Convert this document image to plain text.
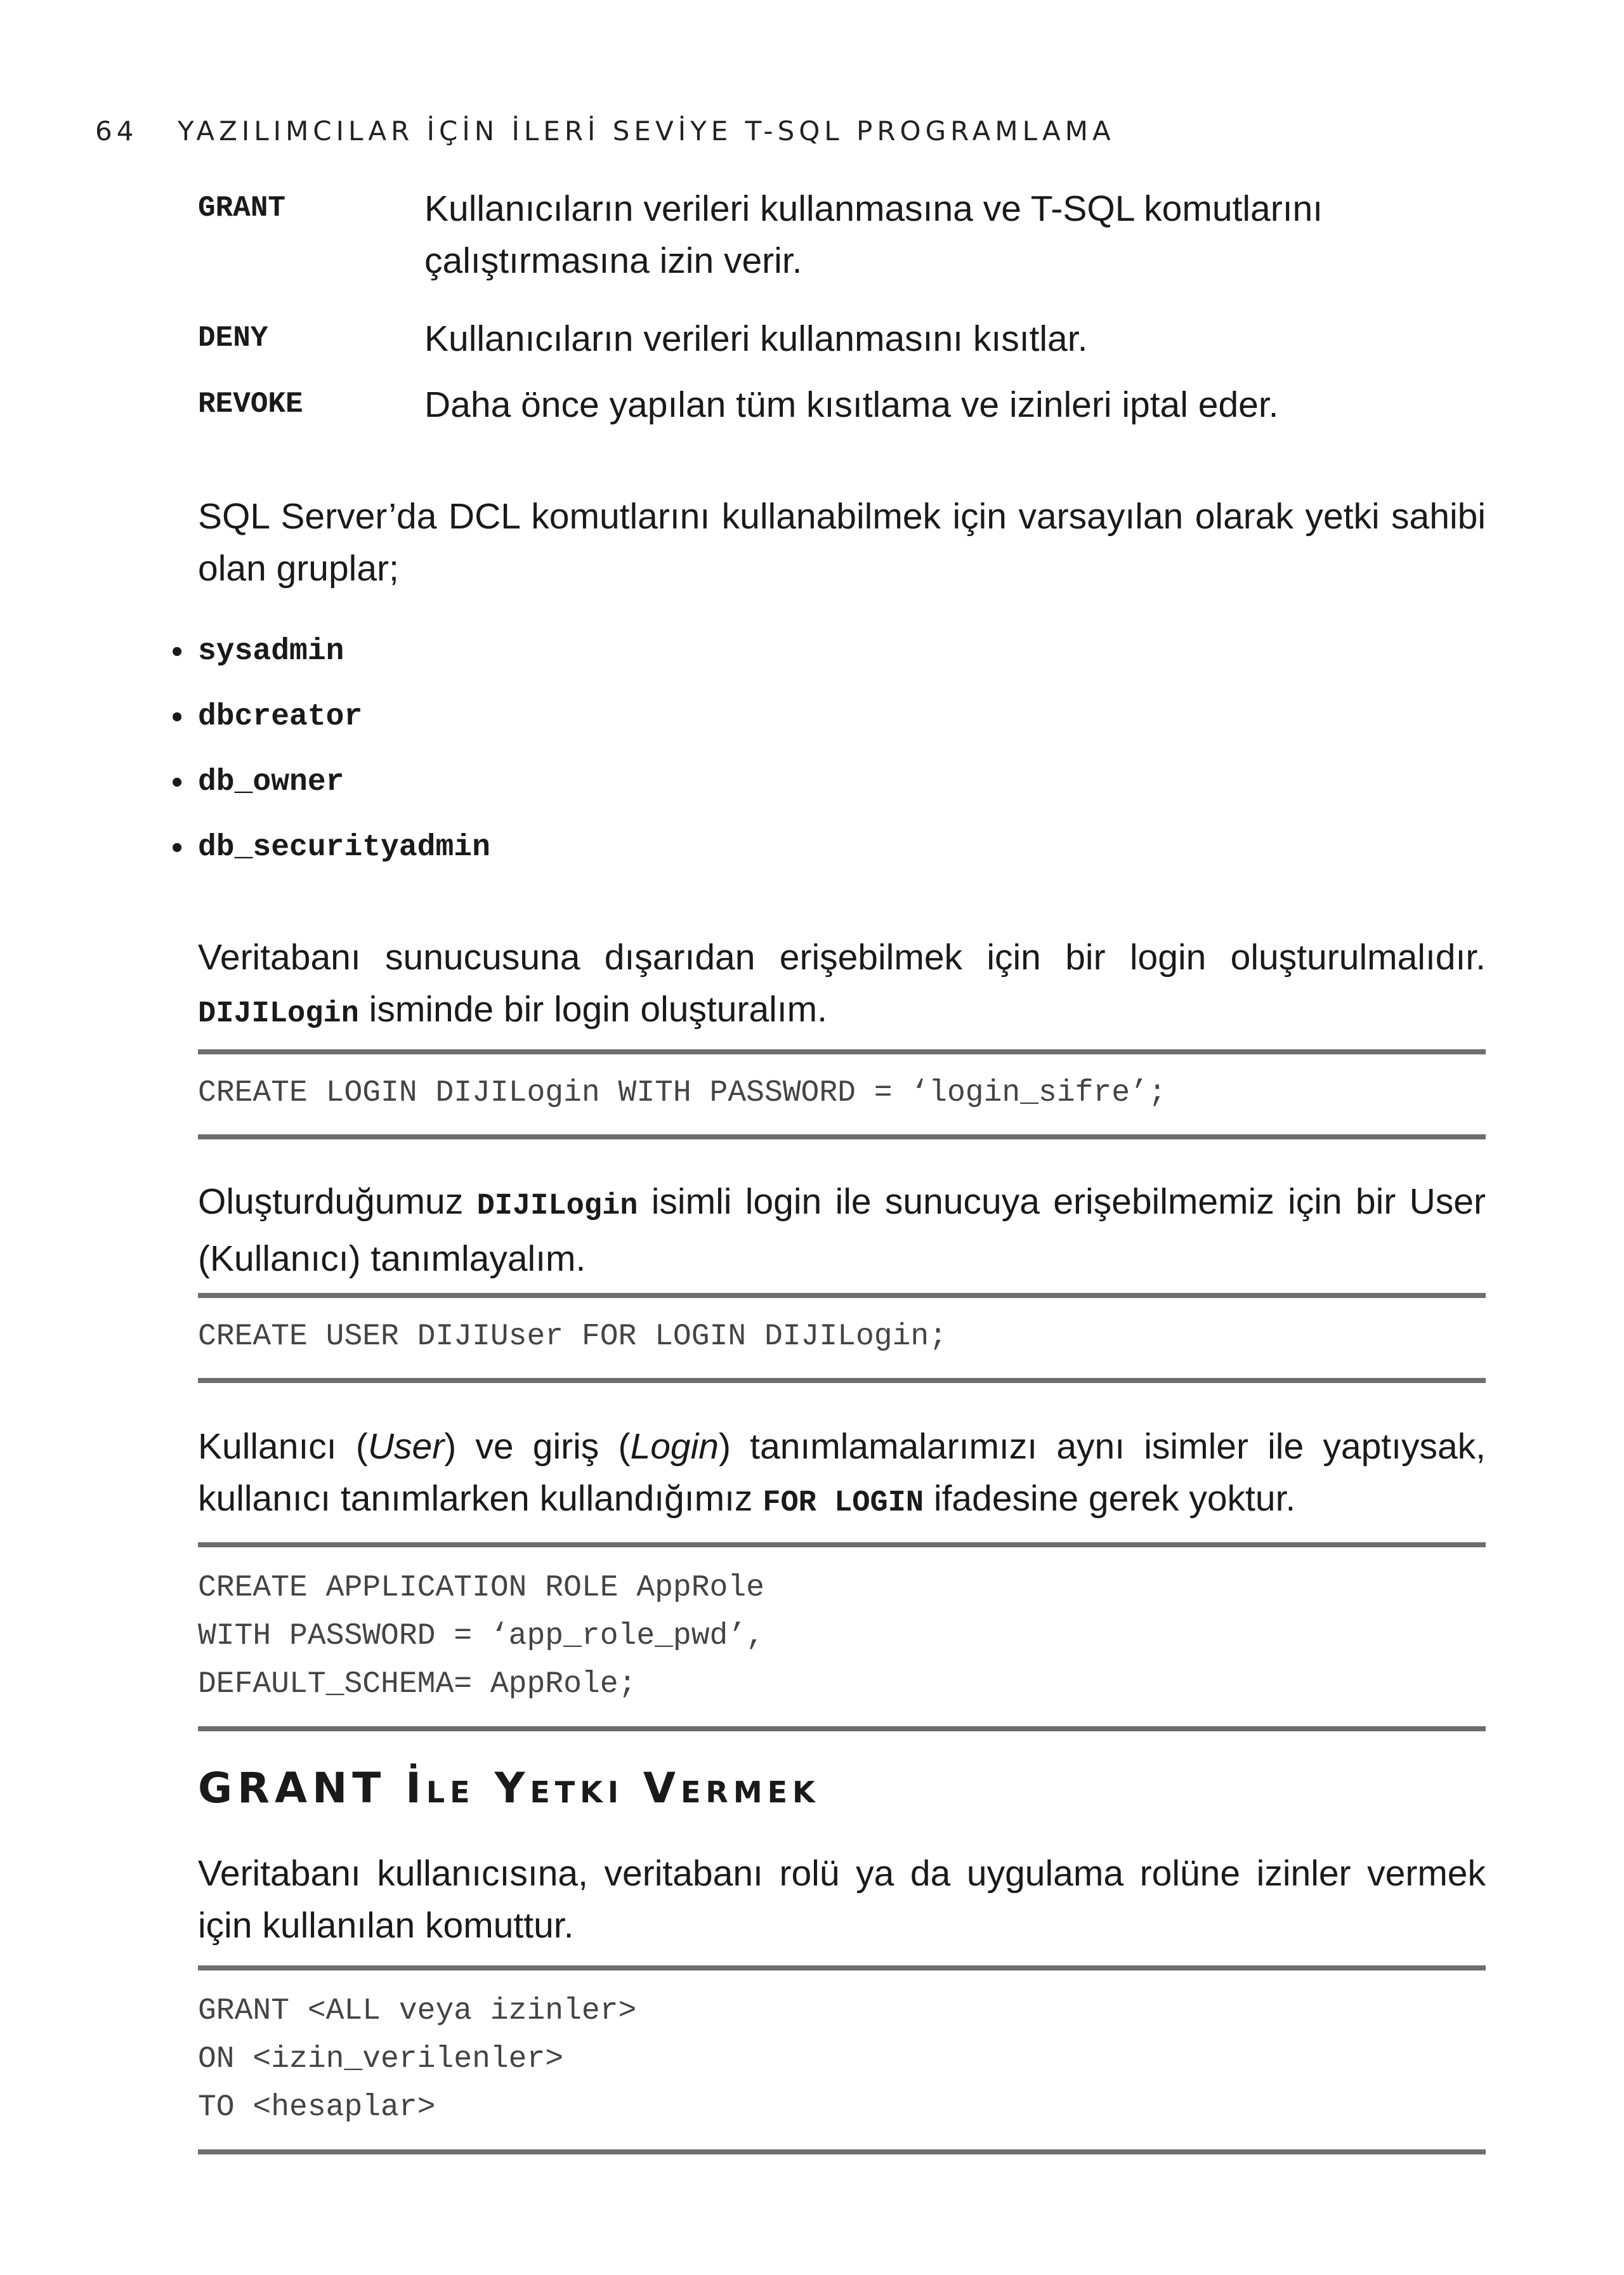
64 YAZILIMCILAR İÇİN İLERİ SEVİYE T-SQL PROGRAMLAMA
GRANT	Kullanıcıların verileri kullanmasına ve T-SQL komutlarını çalıştırmasına izin verir.
DENY	Kullanıcıların verileri kullanmasını kısıtlar.
REVOKE	Daha önce yapılan tüm kısıtlama ve izinleri iptal eder.
SQL Server’da DCL komutlarını kullanabilmek için varsayılan olarak yetki sahibi olan gruplar;
• sysadmin
• dbcreator
• db_owner
• db_securityadmin
Veritabanı sunucusuna dışarıdan erişebilmek için bir login oluşturulmalıdır. DIJILogin isminde bir login oluşturalım.
CREATE LOGIN DIJILogin WITH PASSWORD = ‘login_sifre’;
Oluşturduğumuz DIJILogin isimli login ile sunucuya erişebilmemiz için bir User (Kullanıcı) tanımlayalım.
CREATE USER DIJIUser FOR LOGIN DIJILogin;
Kullanıcı (User) ve giriş (Login) tanımlamalarımızı aynı isimler ile yaptıysak, kullanıcı tanımlarken kullandığımız FOR LOGIN ifadesine gerek yoktur.
CREATE APPLICATION ROLE AppRole
WITH PASSWORD = ‘app_role_pwd’,
DEFAULT_SCHEMA= AppRole;
GRANT İle Yetki Vermek
Veritabanı kullanıcısına, veritabanı rolü ya da uygulama rolüne izinler vermek için kullanılan komuttur.
GRANT <ALL veya izinler>
ON <izin_verilenler>
TO <hesaplar>
